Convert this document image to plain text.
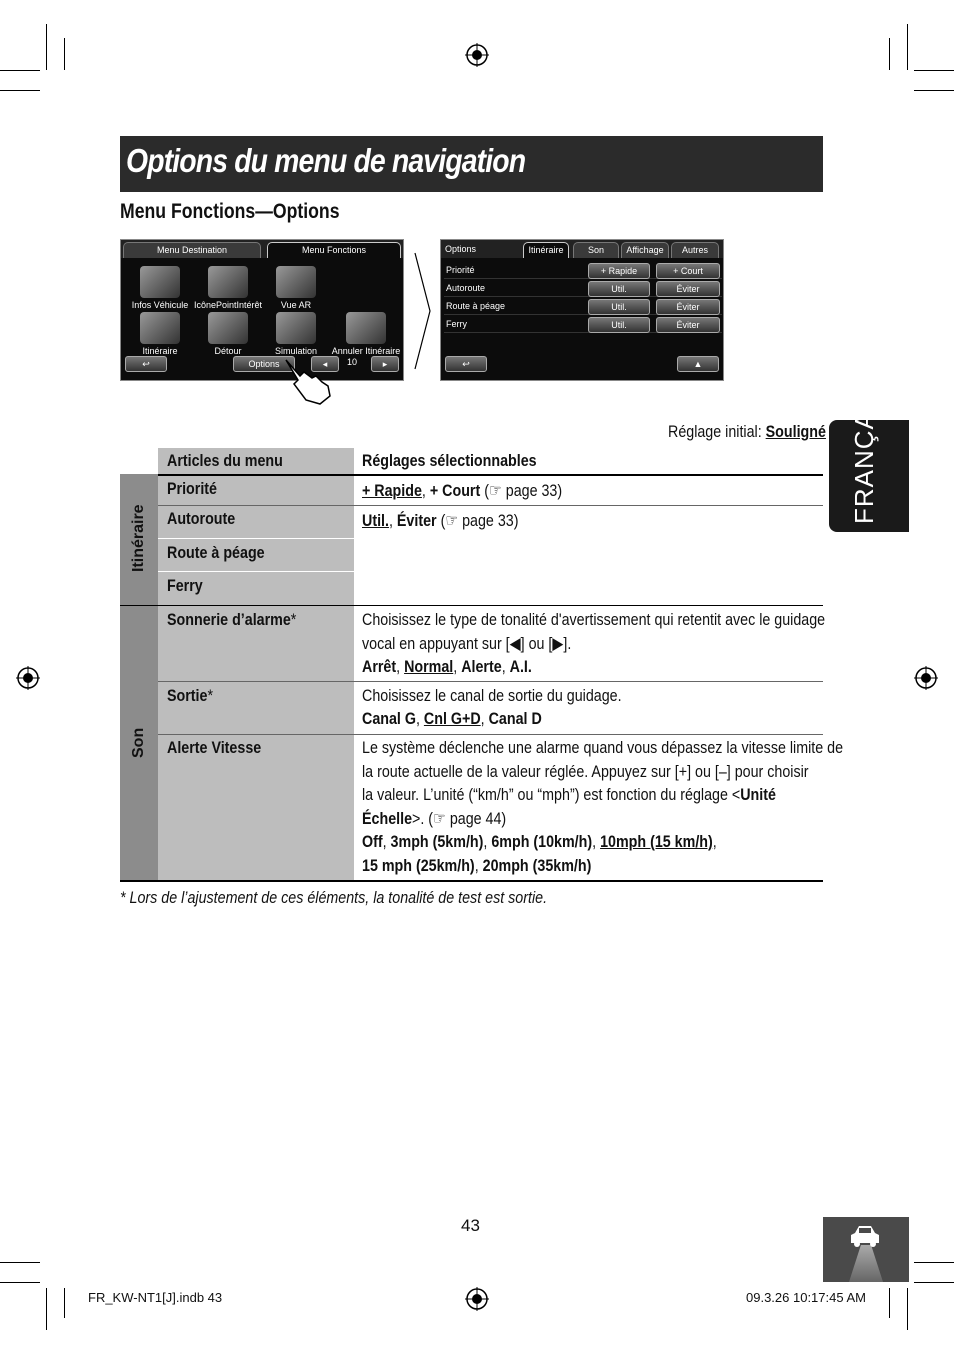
Options du menu de navigation
Menu Fonctions—Options
Menu Destination	Menu Fonctions
Infos Véhicule IcônePointIntérêt	Vue AR
Itinéraire	Détour	Simulation	Annuler Itinéraire
↩	Options	◂	10	▸
Options	Itinéraire	Son	Affichage	Autres
Priorité	+ Rapide	+ Court
Autoroute	Util.	Éviter
Route à péage	Util.	Éviter
Ferry	Util.	Éviter
↩	▲
Réglage initial: Souligné FRANÇAIS
Itinéraire
Son
Articles du menu	Réglages sélectionnables
Priorité	+ Rapide, + Court (☞ page 33)
Autoroute	Util., Éviter (☞ page 33)
Route à péage
Ferry
Sonnerie d’alarme*	Choisissez le type de tonalité d'avertissement qui retentit avec le guidage
vocal en appuyant sur [◀] ou [▶].
Arrêt, Normal, Alerte, A.I.
Sortie*	Choisissez le canal de sortie du guidage.
Canal G, Cnl G+D, Canal D
Alerte Vitesse	Le système déclenche une alarme quand vous dépassez la vitesse limite de
la route actuelle de la valeur réglée. Appuyez sur [+] ou [–] pour choisir
la valeur. L’unité (“km/h” ou “mph”) est fonction du réglage <Unité
Échelle>. (☞ page 44)
Off, 3mph (5km/h), 6mph (10km/h), 10mph (15 km/h),
15 mph (25km/h), 20mph (35km/h)
* Lors de l’ajustement de ces éléments, la tonalité de test est sortie.
43
FR_KW-NT1[J].indb 43	09.3.26 10:17:45 AM
